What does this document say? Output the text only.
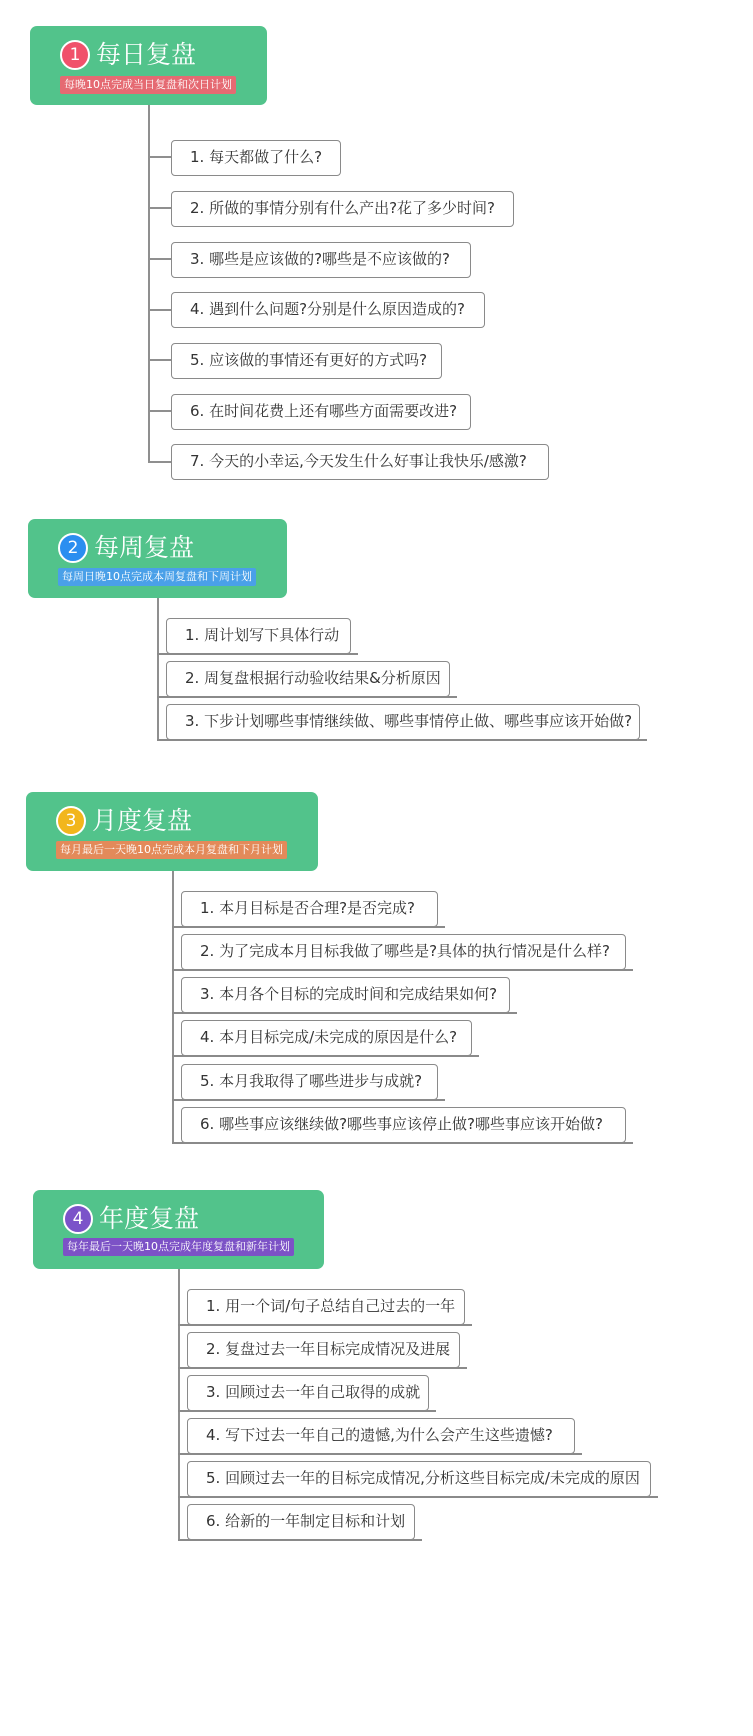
1 每日复盘
每晚10点完成当日复盘和次日计划
1. 每天都做了什么?
2. 所做的事情分别有什么产出?花了多少时间?
3. 哪些是应该做的?哪些是不应该做的?
4. 遇到什么问题?分别是什么原因造成的?
5. 应该做的事情还有更好的方式吗?
6. 在时间花费上还有哪些方面需要改进?
7. 今天的小幸运,今天发生什么好事让我快乐/感激?
2 每周复盘
每周日晚10点完成本周复盘和下周计划
1. 周计划写下具体行动
2. 周复盘根据行动验收结果&分析原因
3. 下步计划哪些事情继续做、哪些事情停止做、哪些事应该开始做?
3 月度复盘
每月最后一天晚10点完成本月复盘和下月计划
1. 本月目标是否合理?是否完成?
2. 为了完成本月目标我做了哪些是?具体的执行情况是什么样?
3. 本月各个目标的完成时间和完成结果如何?
4. 本月目标完成/未完成的原因是什么?
5. 本月我取得了哪些进步与成就?
6. 哪些事应该继续做?哪些事应该停止做?哪些事应该开始做?
4 年度复盘
每年最后一天晚10点完成年度复盘和新年计划
1. 用一个词/句子总结自己过去的一年
2. 复盘过去一年目标完成情况及进展
3. 回顾过去一年自己取得的成就
4. 写下过去一年自己的遗憾,为什么会产生这些遗憾?
5. 回顾过去一年的目标完成情况,分析这些目标完成/未完成的原因
6. 给新的一年制定目标和计划
